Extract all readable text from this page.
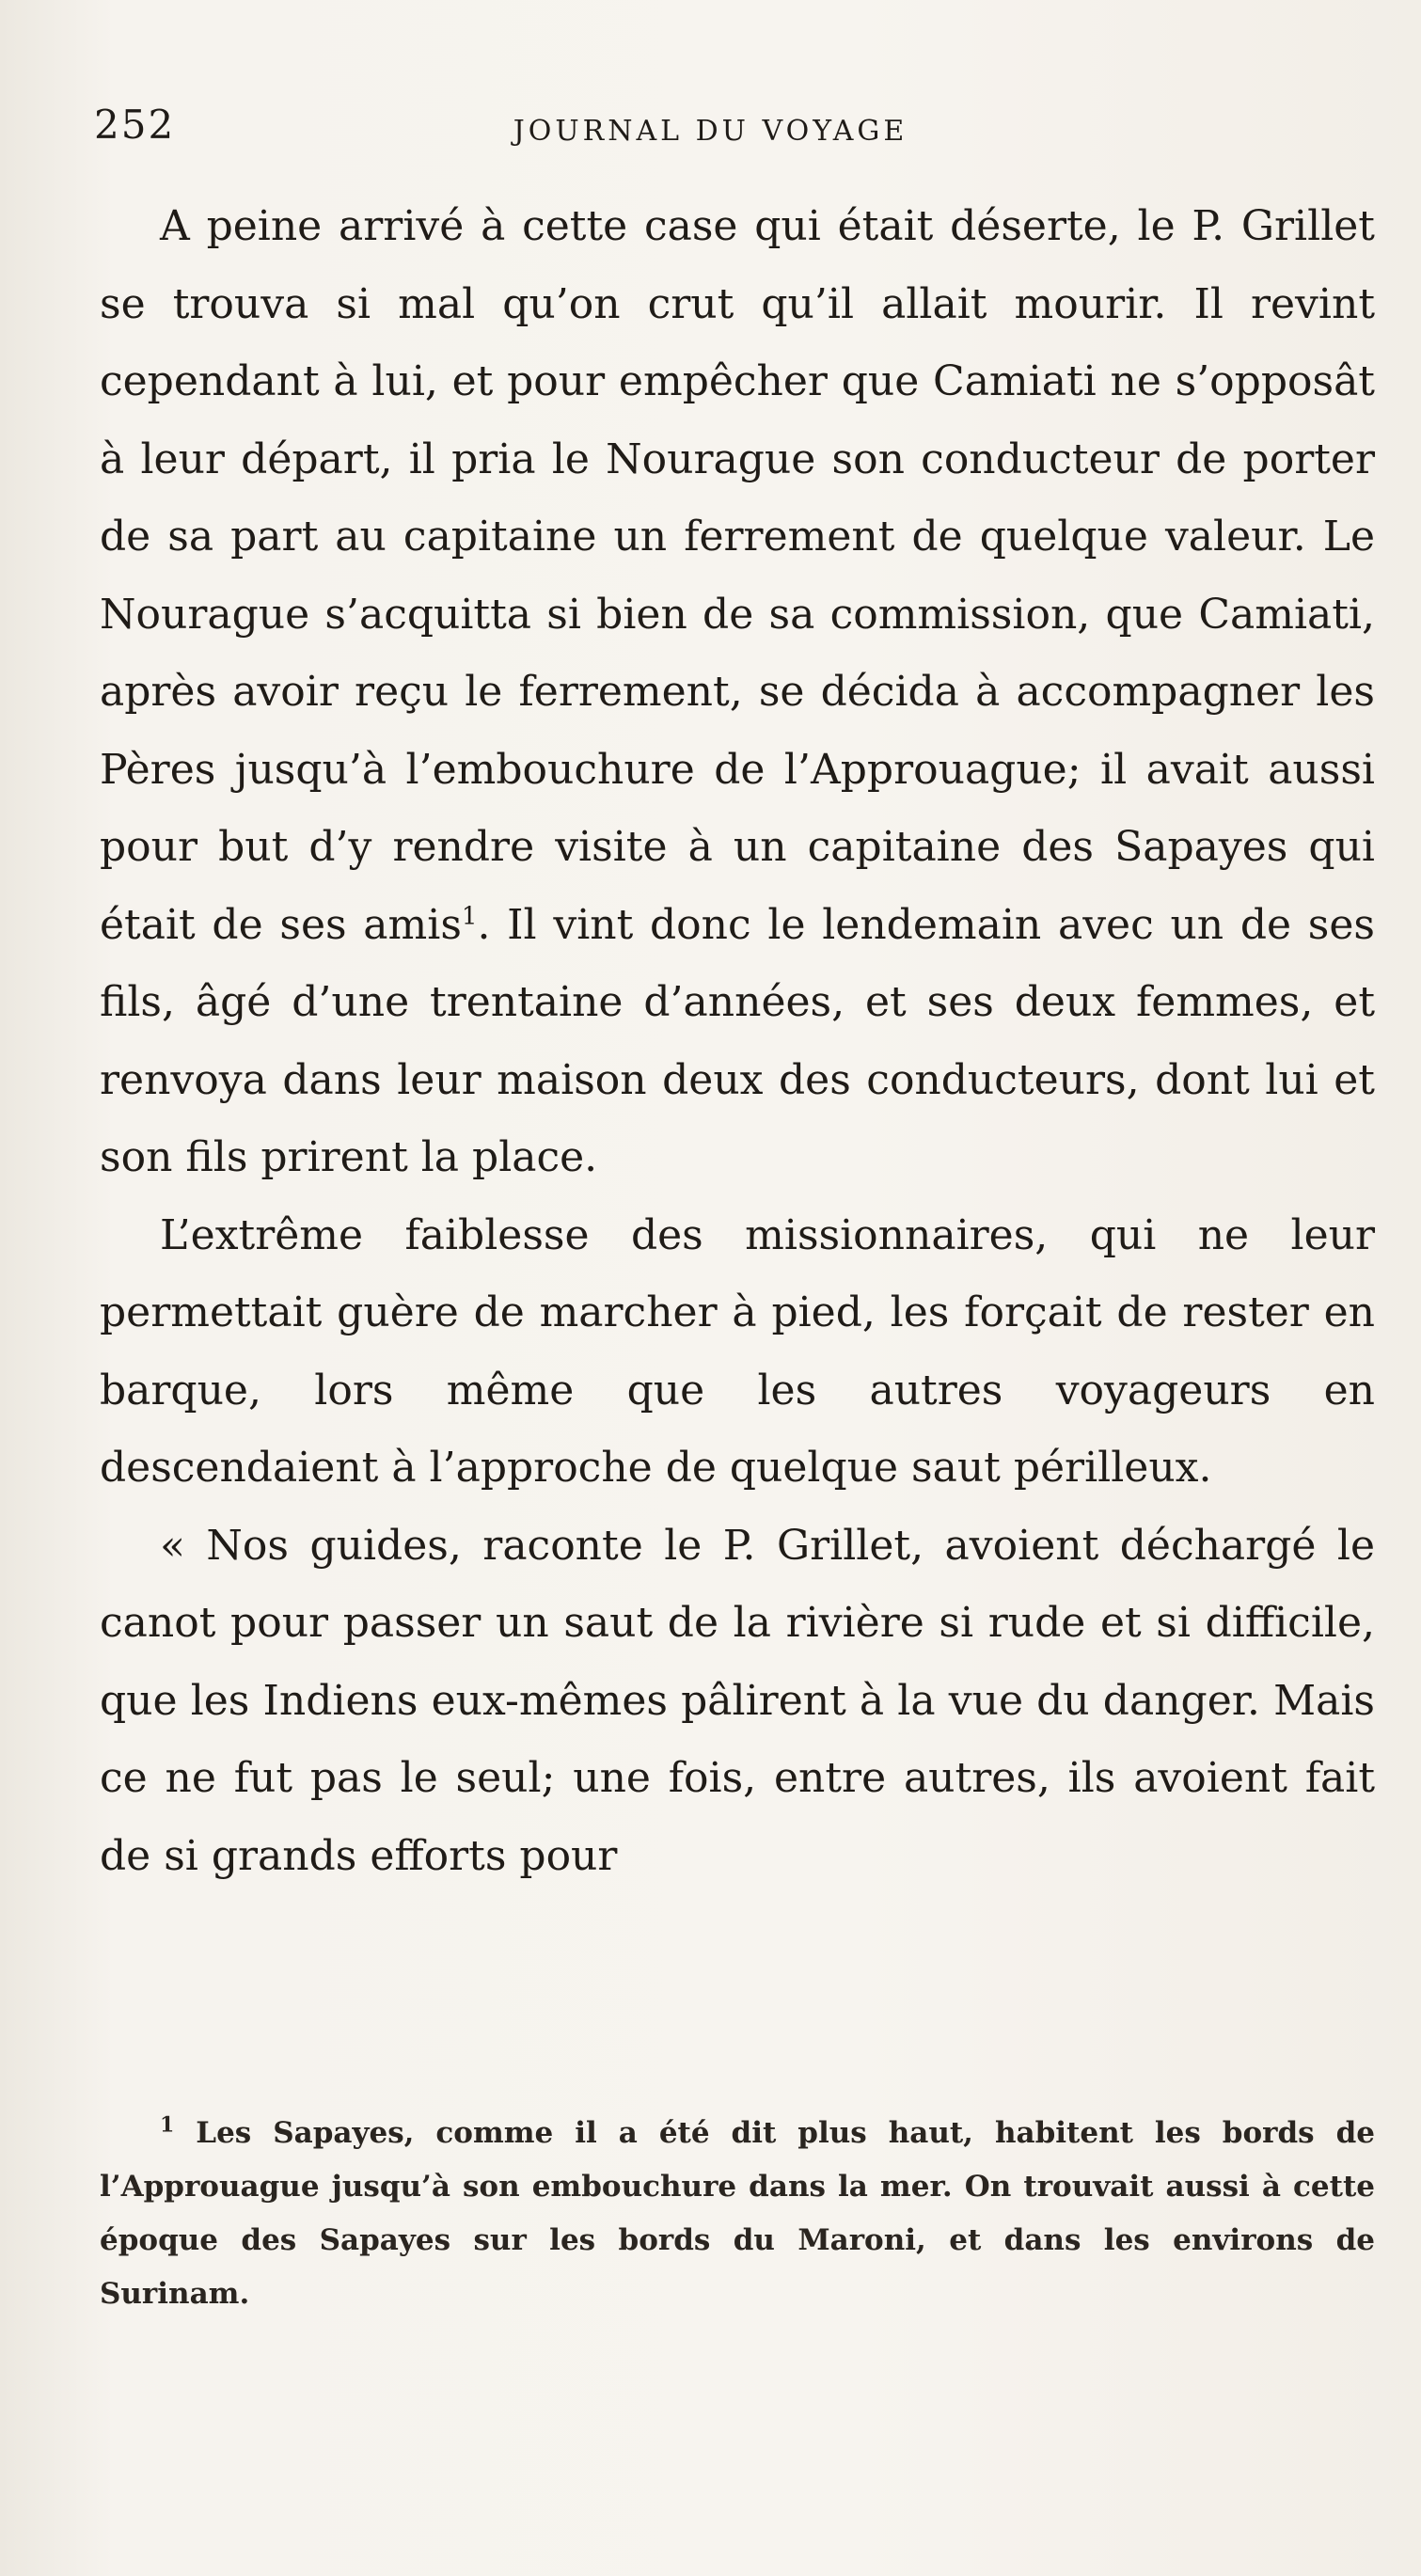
252	JOURNAL DU VOYAGE

A peine arrivé à cette case qui était déserte, le P. Grillet se trouva si mal qu’on crut qu’il allait mourir. Il revint cependant à lui, et pour empêcher que Camiati ne s’opposât à leur départ, il pria le Nourague son conducteur de porter de sa part au capitaine un ferrement de quelque valeur. Le Nourague s’acquitta si bien de sa commission, que Camiati, après avoir reçu le ferrement, se décida à accompagner les Pères jusqu’à l’embouchure de l’Approuague; il avait aussi pour but d’y rendre visite à un capitaine des Sapayes qui était de ses amis$^1$. Il vint donc le lendemain avec un de ses fils, âgé d’une trentaine d’années, et ses deux femmes, et renvoya dans leur maison deux des conducteurs, dont lui et son fils prirent la place.

L’extrême faiblesse des missionnaires, qui ne leur permettait guère de marcher à pied, les forçait de rester en barque, lors même que les autres voyageurs en descendaient à l’approche de quelque saut périlleux.

« Nos guides, raconte le P. Grillet, avoient déchargé le canot pour passer un saut de la rivière si rude et si difficile, que les Indiens eux-mêmes pâlirent à la vue du danger. Mais ce ne fut pas le seul; une fois, entre autres, ils avoient fait de si grands efforts pour

$^1$ Les Sapayes, comme il a été dit plus haut, habitent les bords de l’Approuague jusqu’à son embouchure dans la mer. On trouvait aussi à cette époque des Sapayes sur les bords du Maroni, et dans les environs de Surinam.
